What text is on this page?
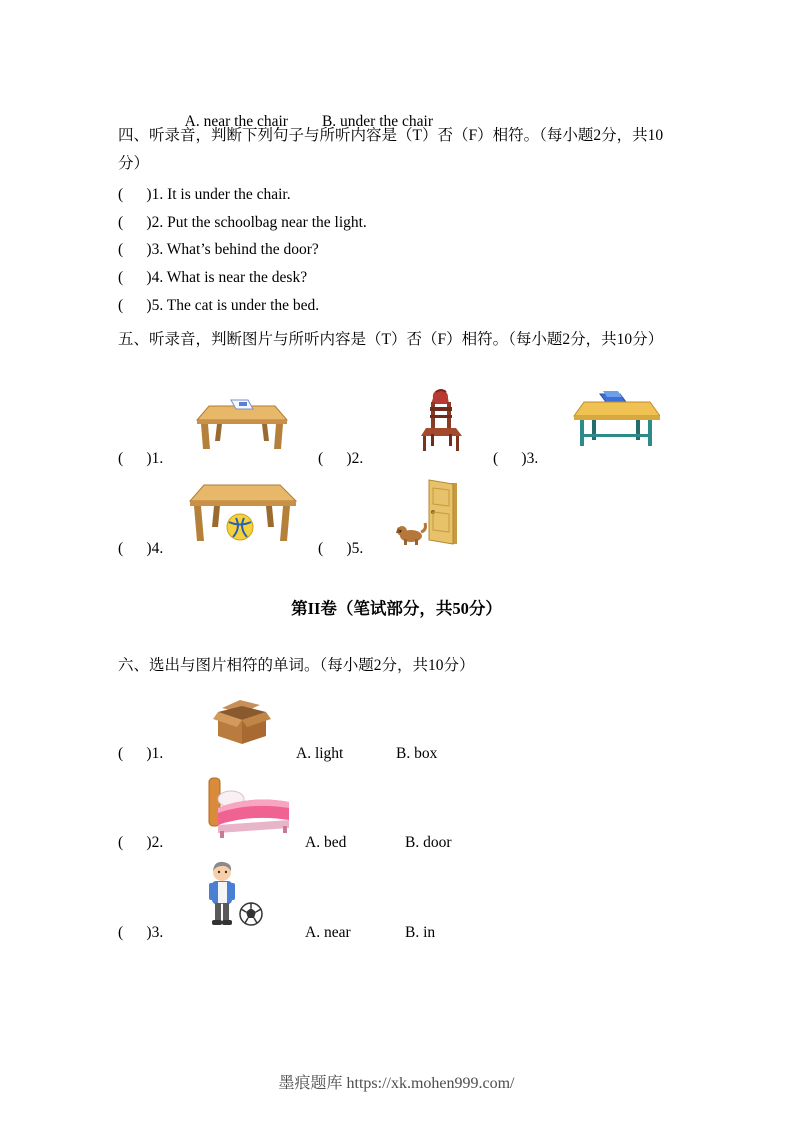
A. near the chair B. under the chair

四、听录音，判断下列句子与所听内容是（T）否（F）相符。（每小题2分，共10分）
(      )1. It is under the chair.
(      )2. Put the schoolbag near the light.
(      )3. What’s behind the door?
(      )4. What is near the desk?
(      )5. The cat is under the bed.
五、听录音，判断图片与所听内容是（T）否（F）相符。（每小题2分，共10分）
(      )1.	(      )2.	(      )3.
(      )4.	(      )5.
第II卷（笔试部分，共50分）
六、选出与图片相符的单词。（每小题2分，共10分）
(      )1.	A. light	B. box
(      )2.	A. bed	B. door
(      )3.	A. near	B. in
墨痕题库 https://xk.mohen999.com/
